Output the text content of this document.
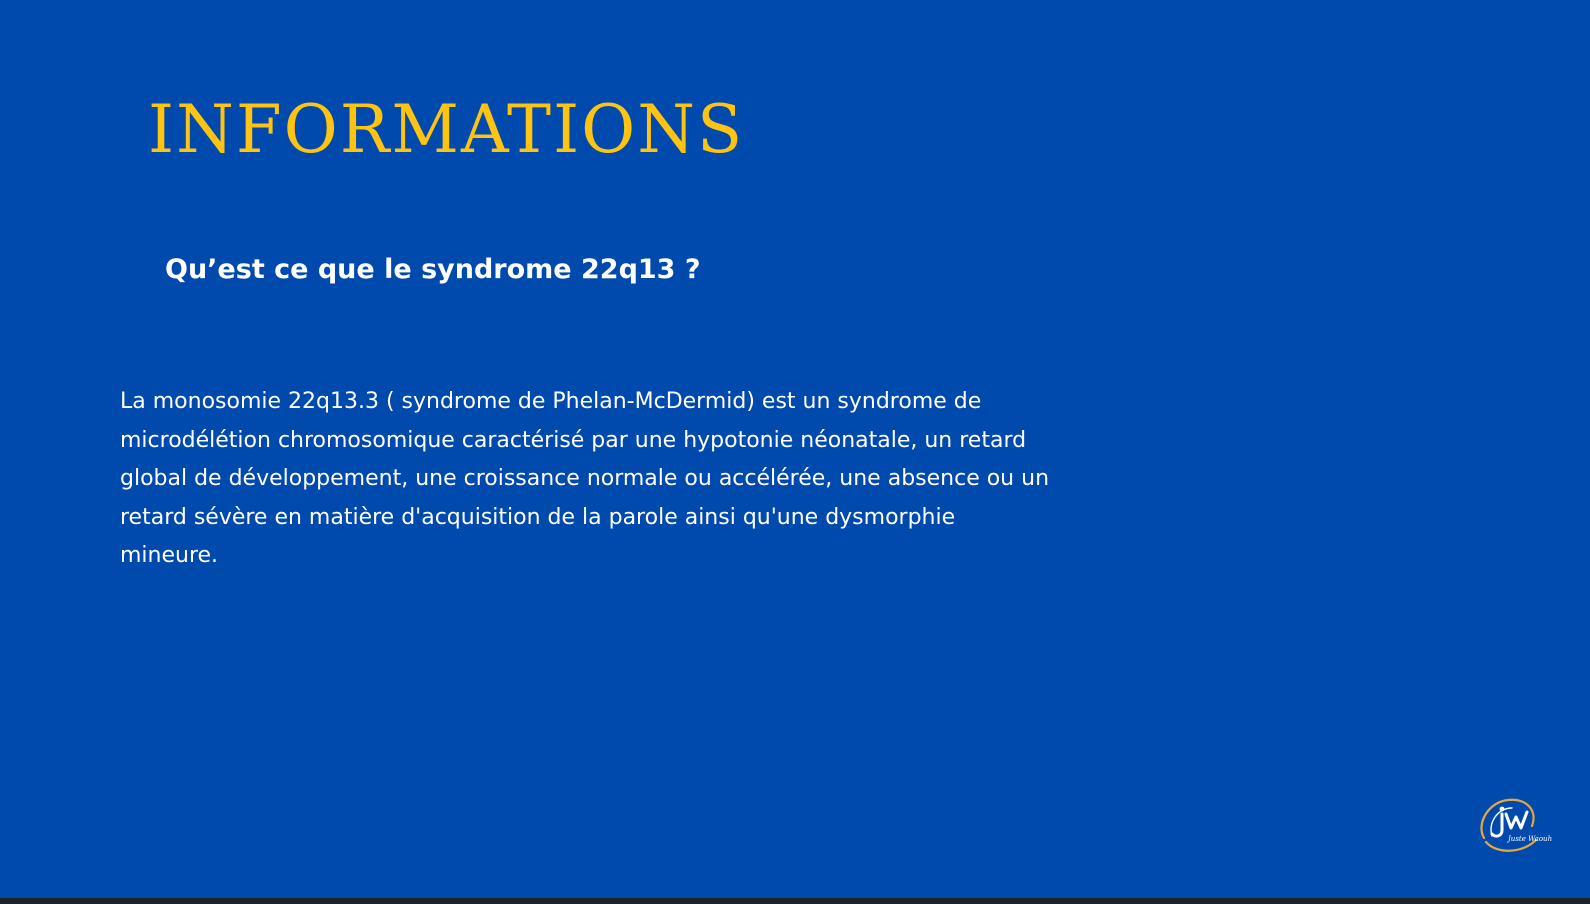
INFORMATIONS
Qu’est ce que le syndrome 22q13 ?

La monosomie 22q13.3 ( syndrome de Phelan-McDermid) est un syndrome de microdélétion chromosomique caractérisé par une hypotonie néonatale, un retard global de développement, une croissance normale ou accélérée, une absence ou un retard sévère en matière d'acquisition de la parole ainsi qu'une dysmorphie mineure.

Juste Waouh
